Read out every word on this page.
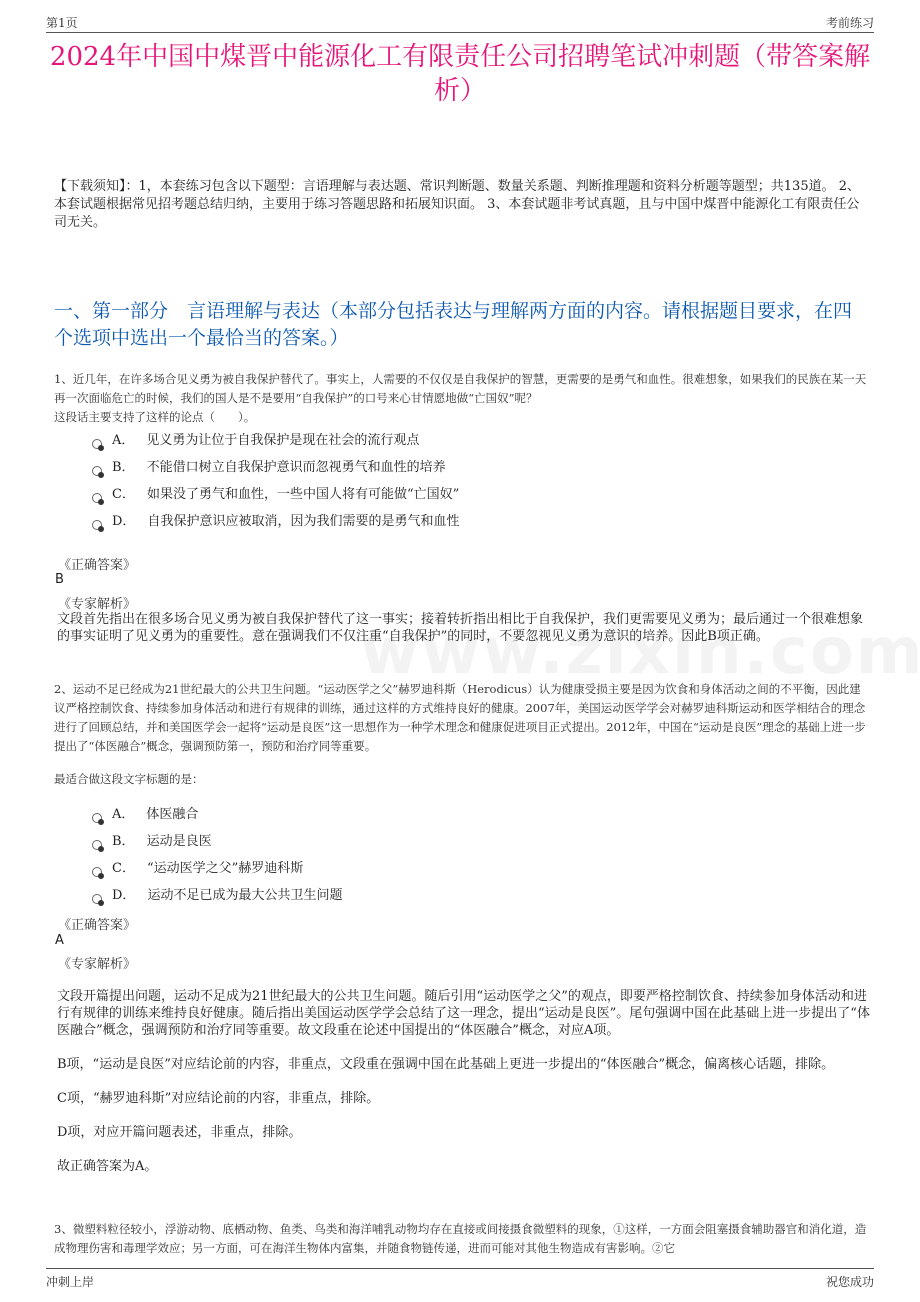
第1页	考前练习
2024年中国中煤晋中能源化工有限责任公司招聘笔试冲刺题（带答案解析）
【下载须知】：1，本套练习包含以下题型：言语理解与表达题、常识判断题、数量关系题、判断推理题和资料分析题等题型；共135道。 2、本套试题根据常见招考题总结归纳，主要用于练习答题思路和拓展知识面。 3、本套试题非考试真题，且与中国中煤晋中能源化工有限责任公司无关。
一、第一部分　言语理解与表达（本部分包括表达与理解两方面的内容。请根据题目要求，在四个选项中选出一个最恰当的答案。）
1、近几年，在许多场合见义勇为被自我保护替代了。事实上，人需要的不仅仅是自我保护的智慧，更需要的是勇气和血性。很难想象，如果我们的民族在某一天再一次面临危亡的时候，我们的国人是不是要用“自我保护”的口号来心甘情愿地做“亡国奴”呢？
这段话主要支持了这样的论点（　　）。
A． 见义勇为让位于自我保护是现在社会的流行观点
B． 不能借口树立自我保护意识而忽视勇气和血性的培养
C． 如果没了勇气和血性，一些中国人将有可能做“亡国奴”
D． 自我保护意识应被取消，因为我们需要的是勇气和血性
《正确答案》
B
《专家解析》
文段首先指出在很多场合见义勇为被自我保护替代了这一事实；接着转折指出相比于自我保护，我们更需要见义勇为；最后通过一个很难想象的事实证明了见义勇为的重要性。意在强调我们不仅注重“自我保护”的同时，不要忽视见义勇为意识的培养。因此B项正确。
2、运动不足已经成为21世纪最大的公共卫生问题。“运动医学之父”赫罗迪科斯（Herodicus）认为健康受损主要是因为饮食和身体活动之间的不平衡，因此建议严格控制饮食、持续参加身体活动和进行有规律的训练，通过这样的方式维持良好的健康。2007年，美国运动医学学会对赫罗迪科斯运动和医学相结合的理念进行了回顾总结，并和美国医学会一起将“运动是良医”这一思想作为一种学术理念和健康促进项目正式提出。2012年，中国在“运动是良医”理念的基础上进一步提出了“体医融合”概念，强调预防第一，预防和治疗同等重要。
最适合做这段文字标题的是：
A． 体医融合
B． 运动是良医
C． “运动医学之父”赫罗迪科斯
D． 运动不足已成为最大公共卫生问题
《正确答案》
A
《专家解析》

文段开篇提出问题，运动不足成为21世纪最大的公共卫生问题。随后引用“运动医学之父”的观点，即要严格控制饮食、持续参加身体活动和进行有规律的训练来维持良好健康。随后指出美国运动医学学会总结了这一理念，提出“运动是良医”。尾句强调中国在此基础上进一步提出了“体医融合”概念，强调预防和治疗同等重要。故文段重在论述中国提出的“体医融合”概念，对应A项。

B项，“运动是良医”对应结论前的内容，非重点，文段重在强调中国在此基础上更进一步提出的“体医融合”概念，偏离核心话题，排除。

C项，“赫罗迪科斯”对应结论前的内容，非重点，排除。

D项，对应开篇问题表述，非重点，排除。

故正确答案为A。

3、微塑料粒径较小，浮游动物、底栖动物、鱼类、鸟类和海洋哺乳动物均存在直接或间接摄食微塑料的现象，①这样，一方面会阻塞摄食辅助器官和消化道，造成物理伤害和毒理学效应；另一方面，可在海洋生物体内富集，并随食物链传递，进而可能对其他生物造成有害影响。②它
冲刺上岸	祝您成功
